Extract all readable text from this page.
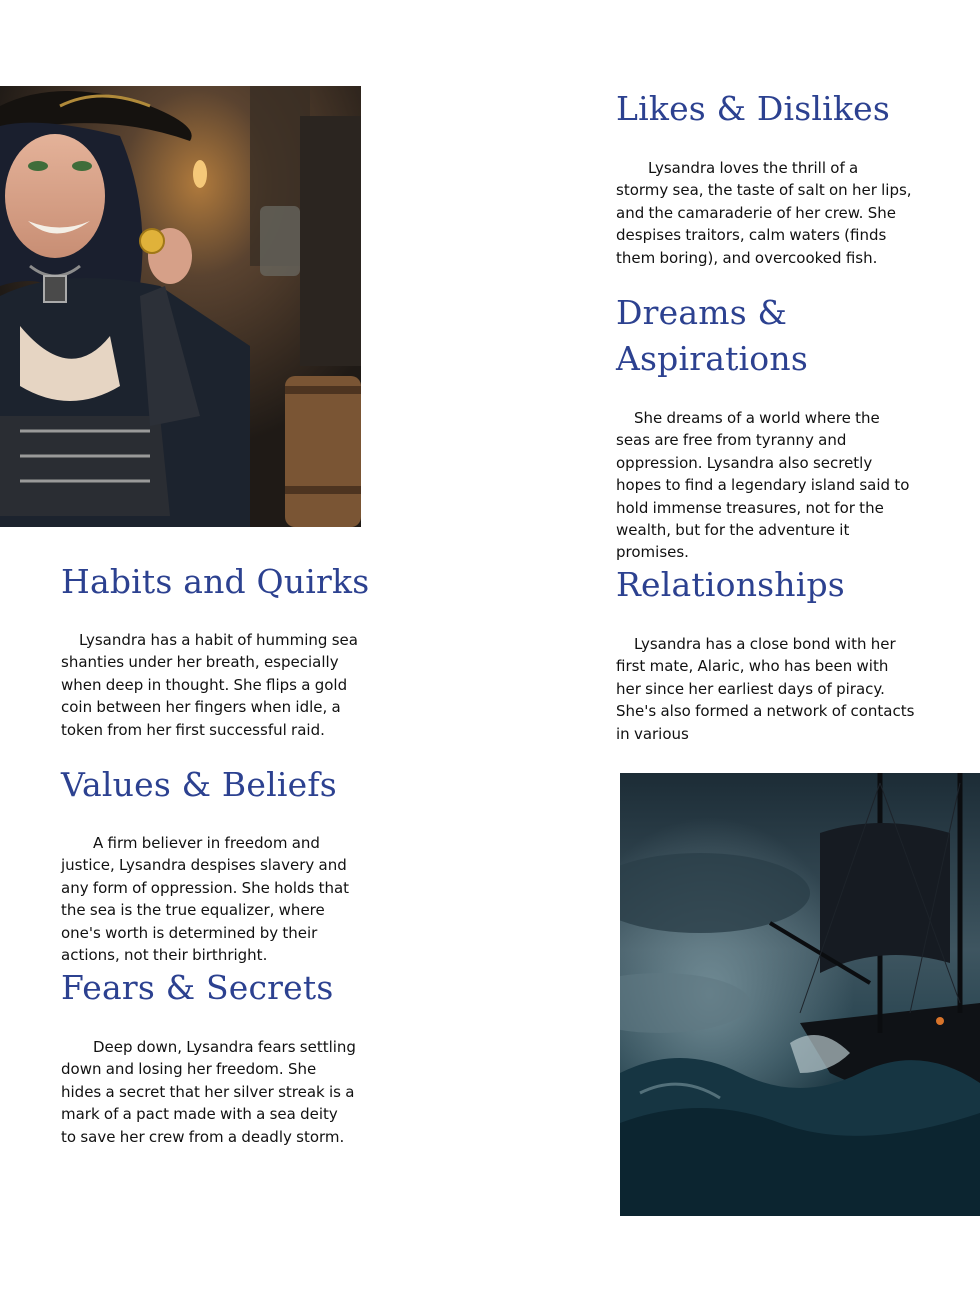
Habits and Quirks

Lysandra has a habit of humming sea shanties under her breath, especially when deep in thought. She flips a gold coin between her fingers when idle, a token from her first successful raid.

Values & Beliefs

A firm believer in freedom and justice, Lysandra despises slavery and any form of oppression. She holds that the sea is the true equalizer, where one's worth is determined by their actions, not their birthright.

Fears & Secrets

Deep down, Lysandra fears settling down and losing her freedom. She hides a secret that her silver streak is a mark of a pact made with a sea deity to save her crew from a deadly storm.

Likes & Dislikes

Lysandra loves the thrill of a stormy sea, the taste of salt on her lips, and the camaraderie of her crew. She despises traitors, calm waters (finds them boring), and overcooked fish.

Dreams &
Aspirations

She dreams of a world where the seas are free from tyranny and oppression. Lysandra also secretly hopes to find a legendary island said to hold immense treasures, not for the wealth, but for the adventure it promises.

Relationships

Lysandra has a close bond with her first mate, Alaric, who has been with her since her earliest days of piracy. She's also formed a network of contacts in various
